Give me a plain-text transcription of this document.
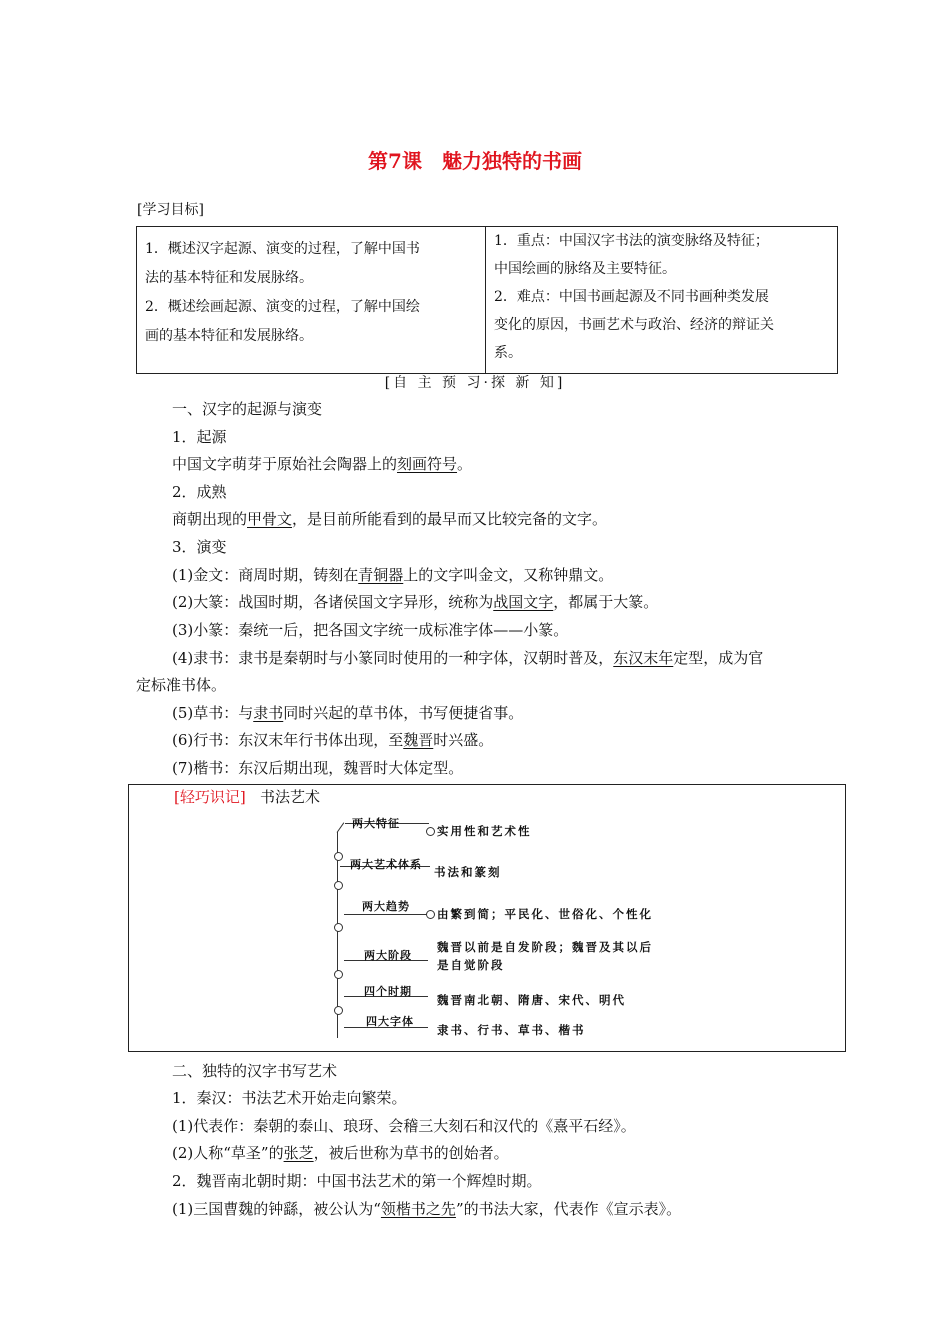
第7课　魅力独特的书画
[学习目标]
1．概述汉字起源、演变的过程，了解中国书
法的基本特征和发展脉络。
2．概述绘画起源、演变的过程，了解中国绘
画的基本特征和发展脉络。

1．重点：中国汉字书法的演变脉络及特征；
中国绘画的脉络及主要特征。
2．难点：中国书画起源及不同书画种类发展
变化的原因，书画艺术与政治、经济的辩证关
系。
[自 主 预 习·探 新 知]
一、汉字的起源与演变
1．起源
中国文字萌芽于原始社会陶器上的刻画符号。
2．成熟
商朝出现的甲骨文，是目前所能看到的最早而又比较完备的文字。
3．演变
(1)金文：商周时期，铸刻在青铜器上的文字叫金文，又称钟鼎文。
(2)大篆：战国时期，各诸侯国文字异形，统称为战国文字，都属于大篆。
(3)小篆：秦统一后，把各国文字统一成标准字体——小篆。
(4)隶书：隶书是秦朝时与小篆同时使用的一种字体，汉朝时普及，东汉末年定型，成为官
定标准书体。
(5)草书：与隶书同时兴起的草书体，书写便捷省事。
(6)行书：东汉末年行书体出现，至魏晋时兴盛。
(7)楷书：东汉后期出现，魏晋时大体定型。
[轻巧识记] 书法艺术
两大特征
实用性和艺术性
两大艺术体系
书法和篆刻
两大趋势
由繁到简；平民化、世俗化、个性化
两大阶段
魏晋以前是自发阶段；魏晋及其以后
是自觉阶段
四个时期
魏晋南北朝、隋唐、宋代、明代
四大字体
隶书、行书、草书、楷书
二、独特的汉字书写艺术
1．秦汉：书法艺术开始走向繁荣。
(1)代表作：秦朝的泰山、琅玡、会稽三大刻石和汉代的《熹平石经》。
(2)人称“草圣”的张芝，被后世称为草书的创始者。
2．魏晋南北朝时期：中国书法艺术的第一个辉煌时期。
(1)三国曹魏的钟繇，被公认为“领楷书之先”的书法大家，代表作《宣示表》。
